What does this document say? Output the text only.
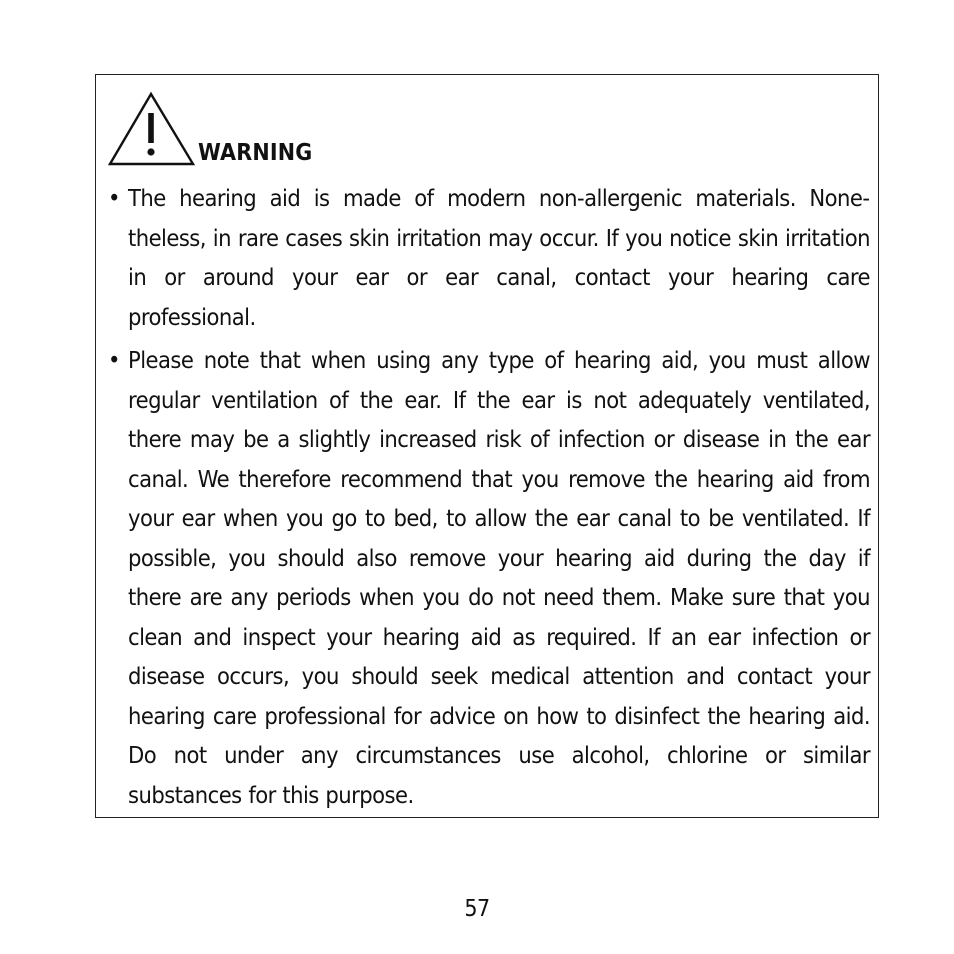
WARNING
• The hearing aid is made of modern non-allergenic materials. Nonetheless, in rare cases skin irritation may occur. If you notice skin irritation in or around your ear or ear canal, contact your hearing care professional.
• Please note that when using any type of hearing aid, you must allow regular ventilation of the ear. If the ear is not adequately ventilated, there may be a slightly increased risk of infection or disease in the ear canal. We therefore recommend that you remove the hearing aid from your ear when you go to bed, to allow the ear canal to be ventilated. If possible, you should also remove your hearing aid during the day if there are any periods when you do not need them. Make sure that you clean and inspect your hearing aid as required. If an ear infection or disease occurs, you should seek medical attention and contact your hearing care professional for advice on how to disinfect the hearing aid. Do not under any circumstances use alcohol, chlorine or similar substances for this purpose.
57
